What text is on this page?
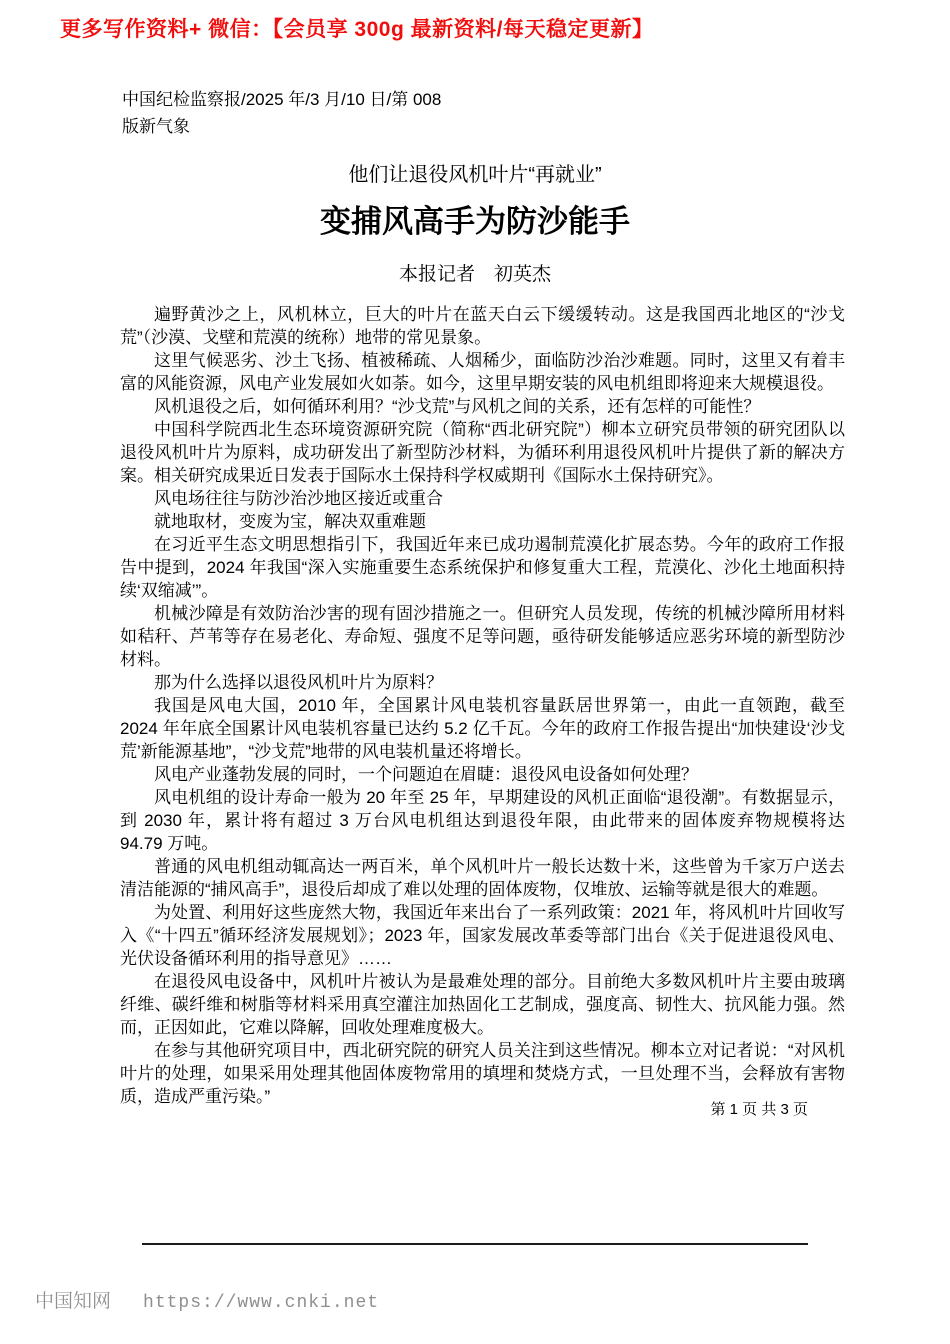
更多写作资料+ 微信：【会员享 300g 最新资料/每天稳定更新】
中国纪检监察报/2025 年/3 月/10 日/第 008
版新气象
他们让退役风机叶片“再就业”
变捕风高手为防沙能手
本报记者　初英杰

遍野黄沙之上，风机林立，巨大的叶片在蓝天白云下缓缓转动。这是我国西北地区的“沙戈荒”（沙漠、戈壁和荒漠的统称）地带的常见景象。

这里气候恶劣、沙土飞扬、植被稀疏、人烟稀少，面临防沙治沙难题。同时，这里又有着丰富的风能资源，风电产业发展如火如荼。如今，这里早期安装的风电机组即将迎来大规模退役。

风机退役之后，如何循环利用？“沙戈荒”与风机之间的关系，还有怎样的可能性？

中国科学院西北生态环境资源研究院（简称“西北研究院”）柳本立研究员带领的研究团队以退役风机叶片为原料，成功研发出了新型防沙材料，为循环利用退役风机叶片提供了新的解决方案。相关研究成果近日发表于国际水土保持科学权威期刊《国际水土保持研究》。

风电场往往与防沙治沙地区接近或重合

就地取材，变废为宝，解决双重难题

在习近平生态文明思想指引下，我国近年来已成功遏制荒漠化扩展态势。今年的政府工作报告中提到，2024 年我国“深入实施重要生态系统保护和修复重大工程，荒漠化、沙化土地面积持续‘双缩减’”。

机械沙障是有效防治沙害的现有固沙措施之一。但研究人员发现，传统的机械沙障所用材料如秸秆、芦苇等存在易老化、寿命短、强度不足等问题，亟待研发能够适应恶劣环境的新型防沙材料。

那为什么选择以退役风机叶片为原料？

我国是风电大国，2010 年，全国累计风电装机容量跃居世界第一，由此一直领跑，截至 2024 年年底全国累计风电装机容量已达约 5.2 亿千瓦。今年的政府工作报告提出“加快建设‘沙戈荒’新能源基地”，“沙戈荒”地带的风电装机量还将增长。

风电产业蓬勃发展的同时，一个问题迫在眉睫：退役风电设备如何处理？

风电机组的设计寿命一般为 20 年至 25 年，早期建设的风机正面临“退役潮”。有数据显示，到 2030 年，累计将有超过 3 万台风电机组达到退役年限，由此带来的固体废弃物规模将达 94.79 万吨。

普通的风电机组动辄高达一两百米，单个风机叶片一般长达数十米，这些曾为千家万户送去清洁能源的“捕风高手”，退役后却成了难以处理的固体废物，仅堆放、运输等就是很大的难题。

为处置、利用好这些庞然大物，我国近年来出台了一系列政策：2021 年，将风机叶片回收写入《“十四五”循环经济发展规划》；2023 年，国家发展改革委等部门出台《关于促进退役风电、光伏设备循环利用的指导意见》……

在退役风电设备中，风机叶片被认为是最难处理的部分。目前绝大多数风机叶片主要由玻璃纤维、碳纤维和树脂等材料采用真空灌注加热固化工艺制成，强度高、韧性大、抗风能力强。然而，正因如此，它难以降解，回收处理难度极大。

在参与其他研究项目中，西北研究院的研究人员关注到这些情况。柳本立对记者说：“对风机叶片的处理，如果采用处理其他固体废物常用的填埋和焚烧方式，一旦处理不当，会释放有害物质，造成严重污染。”

第 1 页 共 3 页
中国知网 https://www.cnki.net
